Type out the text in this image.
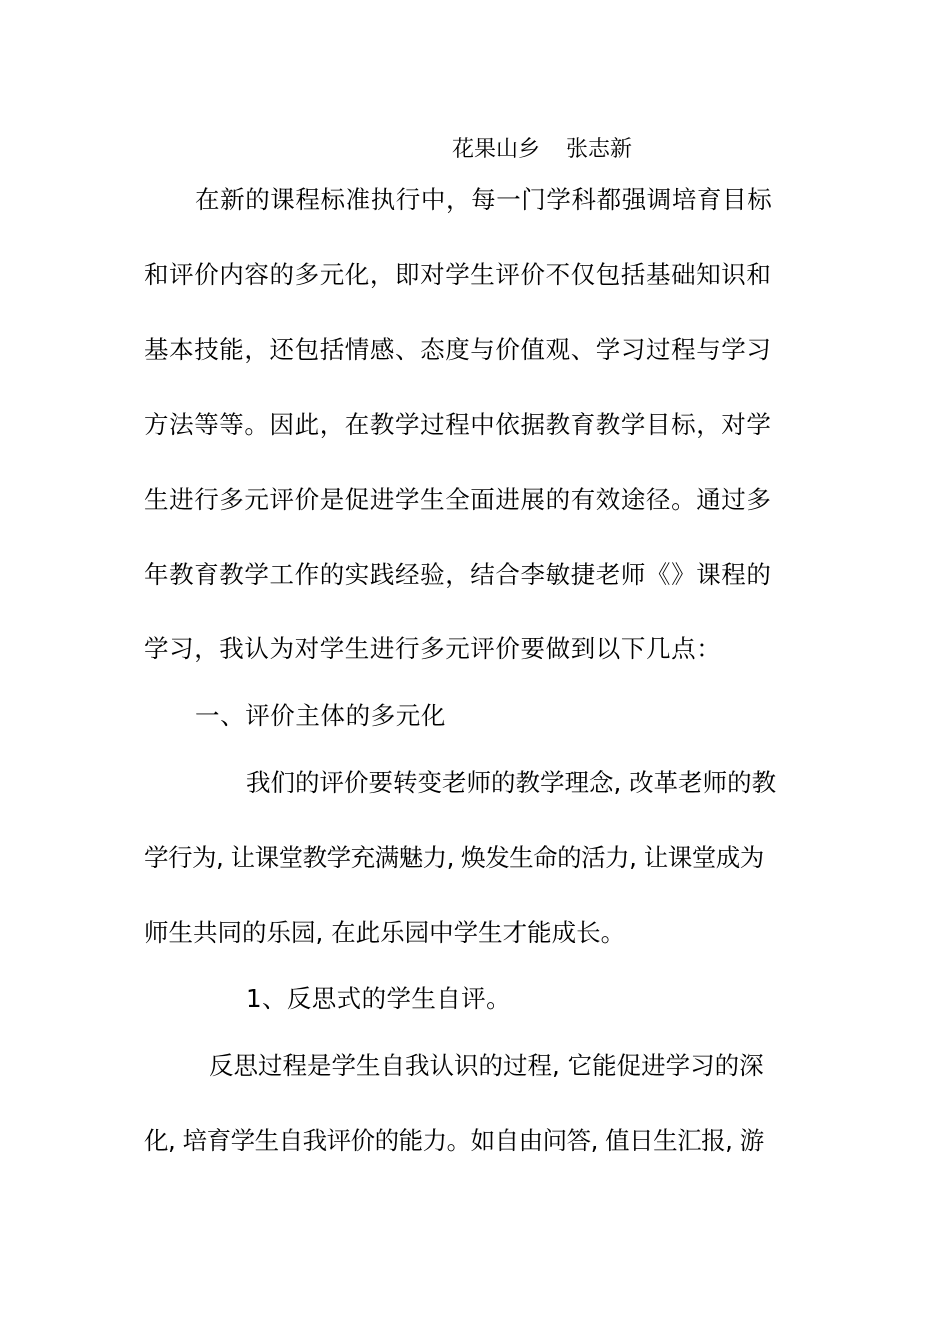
花果山乡 张志新
在新的课程标准执行中，每一门学科都强调培育目标
和评价内容的多元化，即对学生评价不仅包括基础知识和
基本技能，还包括情感、态度与价值观、学习过程与学习
方法等等。因此，在教学过程中依据教育教学目标，对学
生进行多元评价是促进学生全面进展的有效途径。通过多
年教育教学工作的实践经验，结合李敏捷老师《》课程的
学习，我认为对学生进行多元评价要做到以下几点：
一、评价主体的多元化
我们的评价要转变老师的教学理念, 改革老师的教
学行为, 让课堂教学充满魅力, 焕发生命的活力, 让课堂成为
师生共同的乐园, 在此乐园中学生才能成长。
1、反思式的学生自评。
反思过程是学生自我认识的过程, 它能促进学习的深
化, 培育学生自我评价的能力。如自由问答, 值日生汇报, 游
